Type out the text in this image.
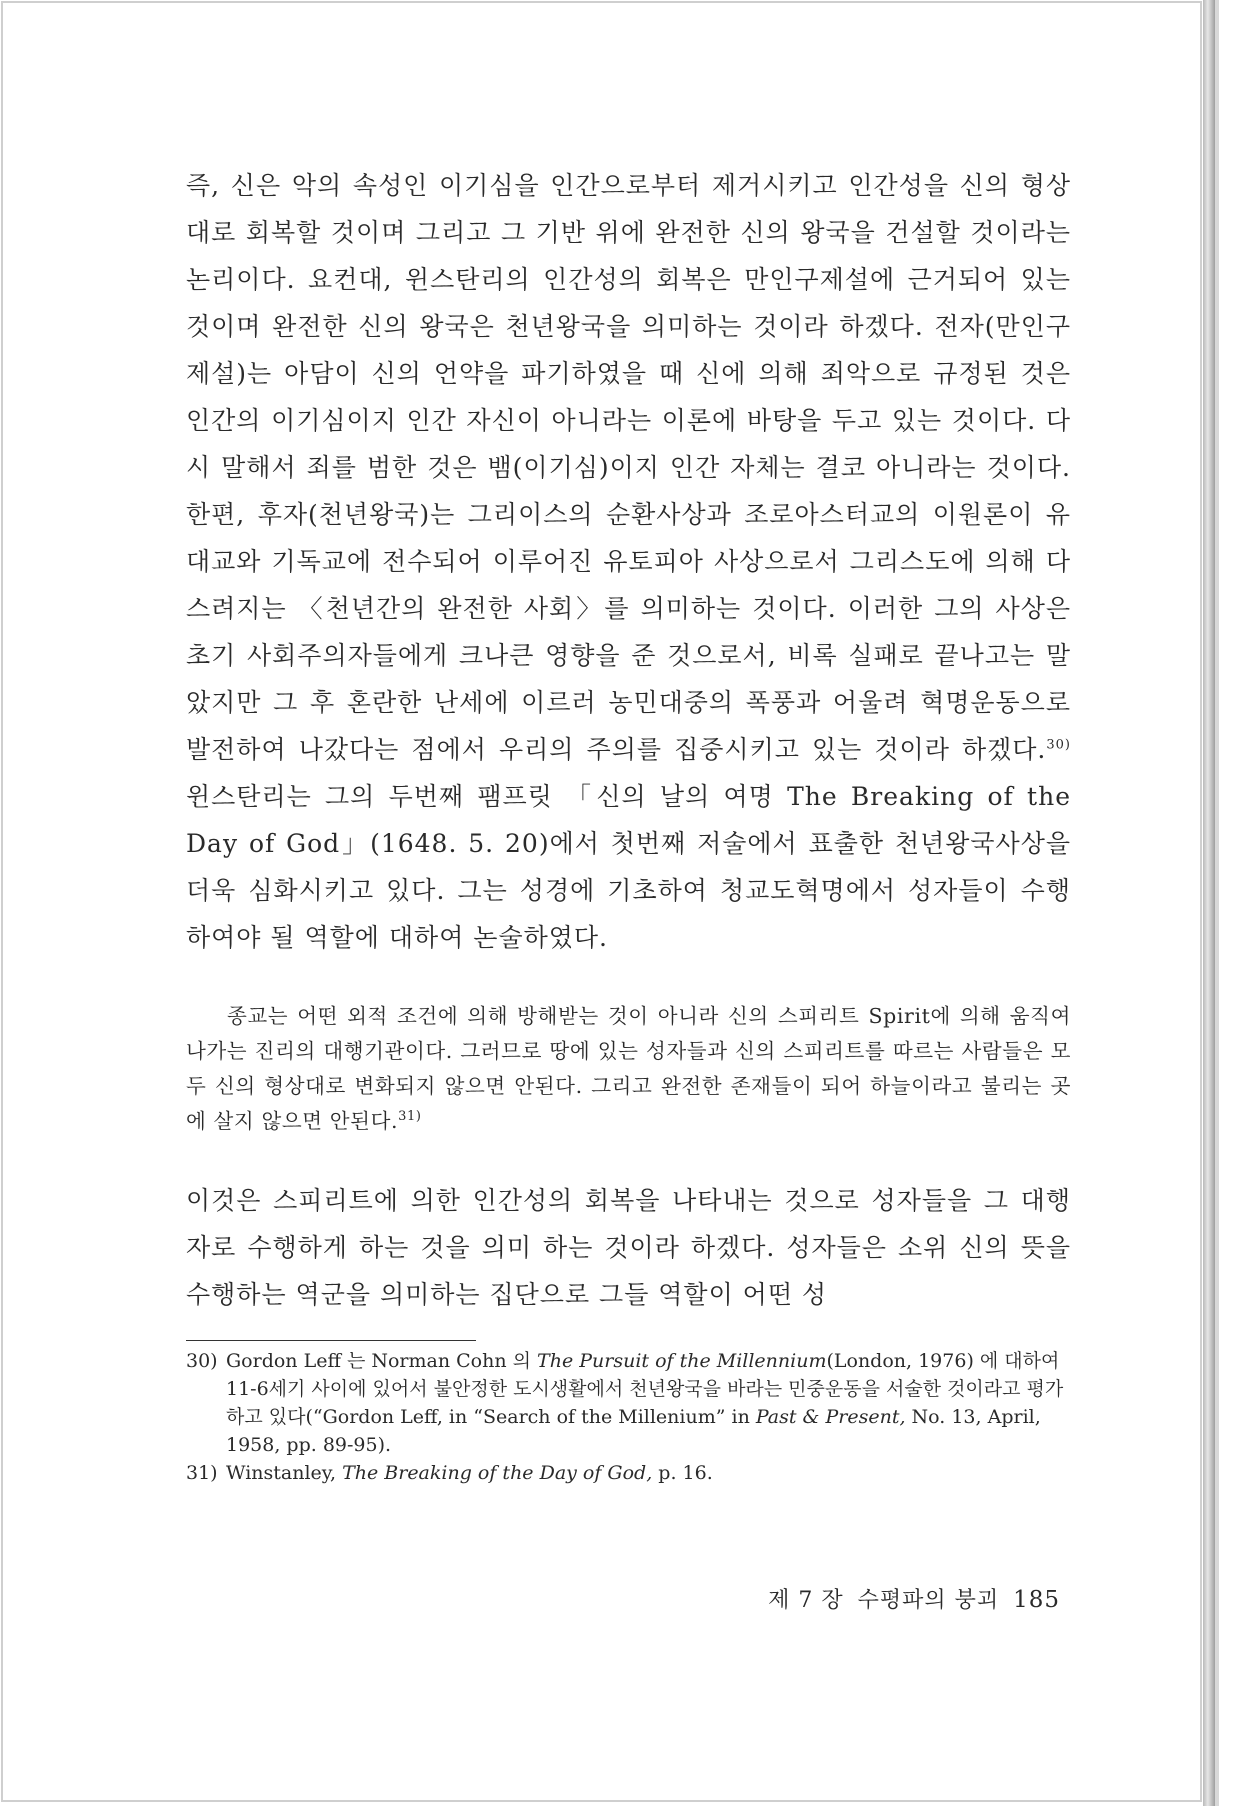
즉, 신은 악의 속성인 이기심을 인간으로부터 제거시키고 인간성을 신의 형상대로 회복할 것이며 그리고 그 기반 위에 완전한 신의 왕국을 건설할 것이라는 논리이다. 요컨대, 윈스탄리의 인간성의 회복은 만인구제설에 근거되어 있는 것이며 완전한 신의 왕국은 천년왕국을 의미하는 것이라 하겠다. 전자(만인구제설)는 아담이 신의 언약을 파기하였을 때 신에 의해 죄악으로 규정된 것은 인간의 이기심이지 인간 자신이 아니라는 이론에 바탕을 두고 있는 것이다. 다시 말해서 죄를 범한 것은 뱀(이기심)이지 인간 자체는 결코 아니라는 것이다. 한편, 후자(천년왕국)는 그리이스의 순환사상과 조로아스터교의 이원론이 유대교와 기독교에 전수되어 이루어진 유토피아 사상으로서 그리스도에 의해 다스려지는 〈천년간의 완전한 사회〉를 의미하는 것이다. 이러한 그의 사상은 초기 사회주의자들에게 크나큰 영향을 준 것으로서, 비록 실패로 끝나고는 말았지만 그 후 혼란한 난세에 이르러 농민대중의 폭풍과 어울려 혁명운동으로 발전하여 나갔다는 점에서 우리의 주의를 집중시키고 있는 것이라 하겠다.$^{30)}$ 윈스탄리는 그의 두번째 팸프릿 「신의 날의 여명 The Breaking of the Day of God」(1648. 5. 20)에서 첫번째 저술에서 표출한 천년왕국사상을 더욱 심화시키고 있다. 그는 성경에 기초하여 청교도혁명에서 성자들이 수행하여야 될 역할에 대하여 논술하였다.

종교는 어떤 외적 조건에 의해 방해받는 것이 아니라 신의 스피리트 Spirit에 의해 움직여 나가는 진리의 대행기관이다. 그러므로 땅에 있는 성자들과 신의 스피리트를 따르는 사람들은 모두 신의 형상대로 변화되지 않으면 안된다. 그리고 완전한 존재들이 되어 하늘이라고 불리는 곳에 살지 않으면 안된다.$^{31)}$

이것은 스피리트에 의한 인간성의 회복을 나타내는 것으로 성자들을 그 대행자로 수행하게 하는 것을 의미 하는 것이라 하겠다. 성자들은 소위 신의 뜻을 수행하는 역군을 의미하는 집단으로 그들 역할이 어떤 성

30) Gordon Leff 는 Norman Cohn 의 The Pursuit of the Millennium(London, 1976) 에 대하여 11-6세기 사이에 있어서 불안정한 도시생활에서 천년왕국을 바라는 민중운동을 서술한 것이라고 평가하고 있다(“Gordon Leff, in “Search of the Millenium” in Past & Present, No. 13, April, 1958, pp. 89-95).
31) Winstanley, The Breaking of the Day of God, p. 16.
제 7 장 수평파의 붕괴 185
